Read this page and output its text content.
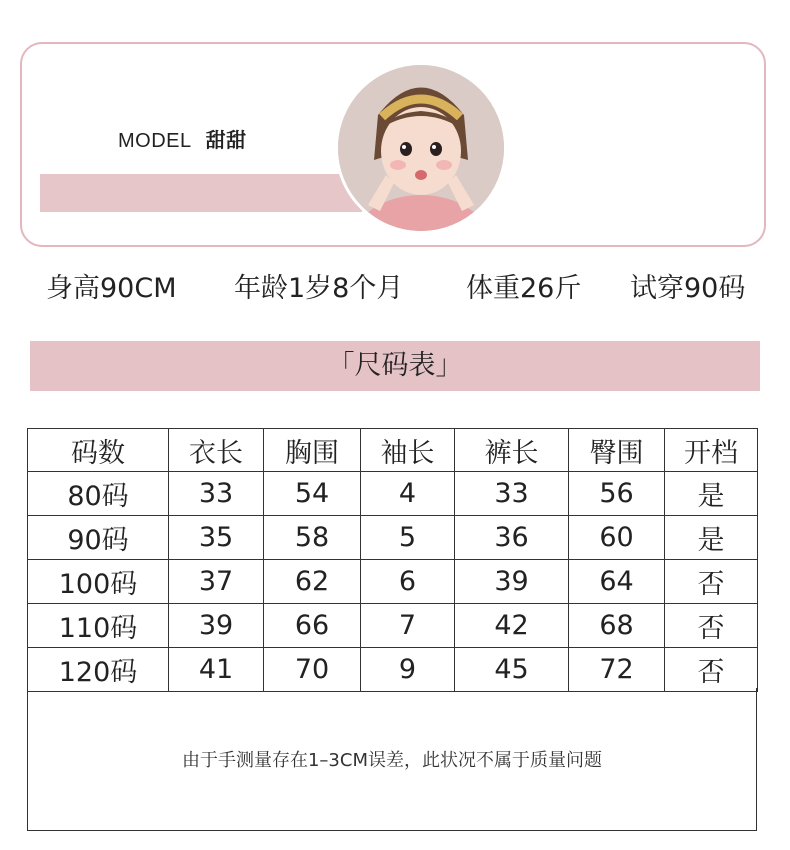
MODEL 甜甜
身高90CM 年龄1岁8个月 体重26斤 试穿90码
「尺码表」
码数	衣长	胸围	袖长	裤长	臀围	开档
80码	33	54	4	33	56	是
90码	35	58	5	36	60	是
100码	37	62	6	39	64	否
110码	39	66	7	42	68	否
120码	41	70	9	45	72	否
由于手测量存在1–3CM误差，此状况不属于质量问题
